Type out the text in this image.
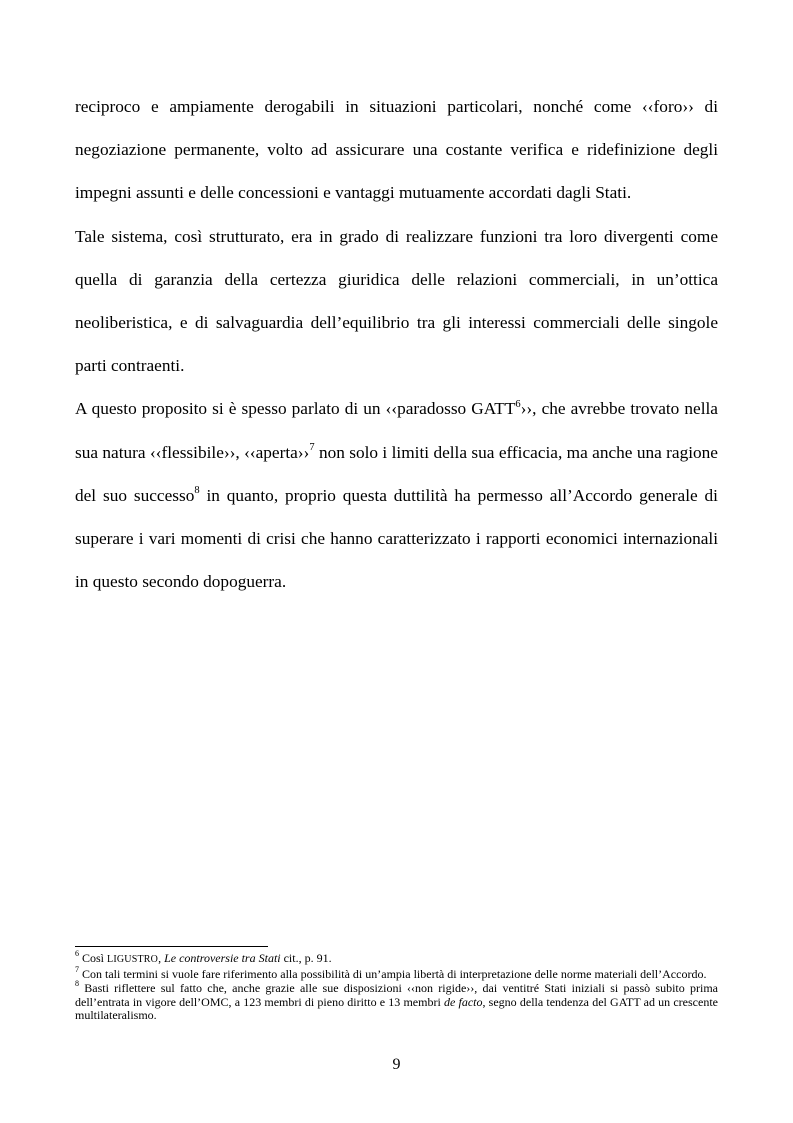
reciproco e ampiamente derogabili in situazioni particolari, nonché come ‹‹foro›› di negoziazione permanente, volto ad assicurare una costante verifica e ridefinizione degli impegni assunti e delle concessioni e vantaggi mutuamente accordati dagli Stati.

Tale sistema, così strutturato, era in grado di realizzare funzioni tra loro divergenti come quella di garanzia della certezza giuridica delle relazioni commerciali, in un’ottica neoliberistica, e di salvaguardia dell’equilibrio tra gli interessi commerciali delle singole parti contraenti.

A questo proposito si è spesso parlato di un ‹‹paradosso GATT$^6$››, che avrebbe trovato nella sua natura ‹‹flessibile››, ‹‹aperta››$^7$ non solo i limiti della sua efficacia, ma anche una ragione del suo successo$^8$ in quanto, proprio questa duttilità ha permesso all’Accordo generale di superare i vari momenti di crisi che hanno caratterizzato i rapporti economici internazionali in questo secondo dopoguerra.

$^6$ Così LIGUSTRO, Le controversie tra Stati cit., p. 91.

$^7$ Con tali termini si vuole fare riferimento alla possibilità di un’ampia libertà di interpretazione delle norme materiali dell’Accordo.

$^8$ Basti riflettere sul fatto che, anche grazie alle sue disposizioni ‹‹non rigide››, dai ventitré Stati iniziali si passò subito prima dell’entrata in vigore dell’OMC, a 123 membri di pieno diritto e 13 membri de facto, segno della tendenza del GATT ad un crescente multilateralismo.

9
